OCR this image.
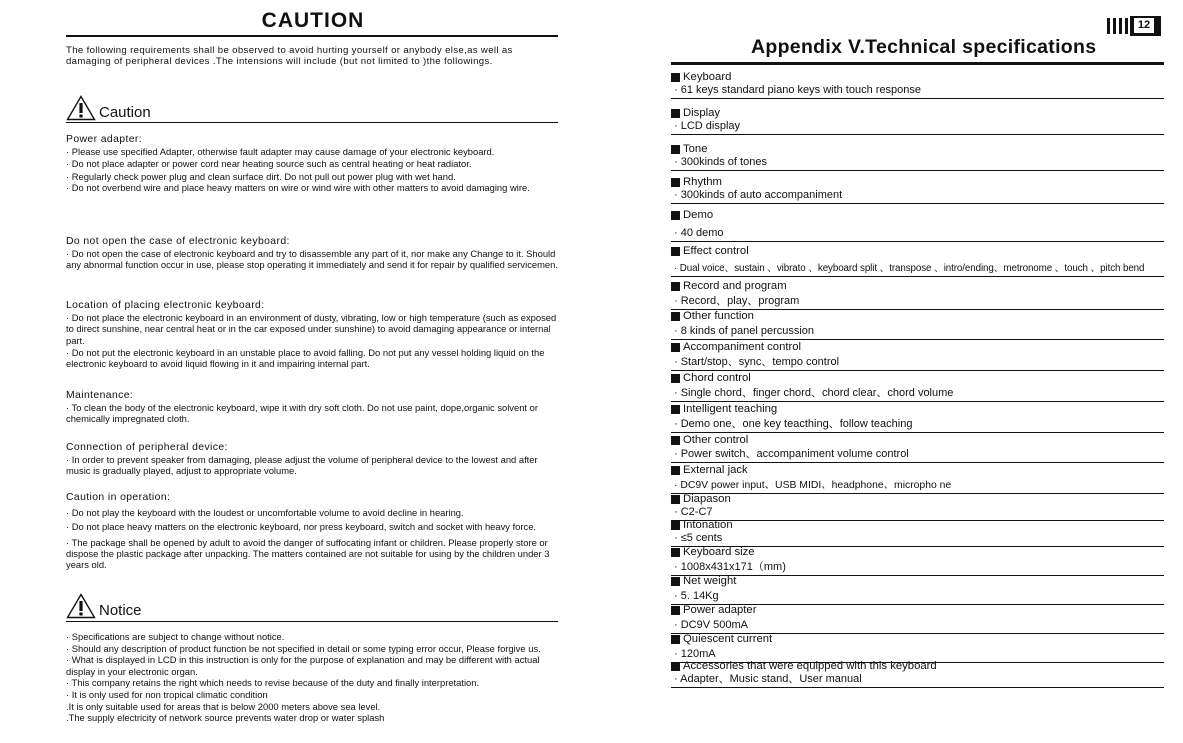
CAUTION
The following requirements shall be observed to avoid hurting yourself or anybody else,as well as damaging of peripheral devices .The intensions will include (but not limited to )the followings.
Caution
Power adapter:
· Please use specified Adapter, otherwise fault adapter may cause damage of your electronic keyboard.
· Do not place adapter or power cord near heating source such as central heating or heat radiator.
· Regularly check power plug and clean surface dirt. Do not pull out power plug with wet hand.
· Do not overbend wire and place heavy matters on wire or wind wire with other matters to avoid damaging wire.
Do not open the case of electronic keyboard:
· Do not open the case of electronic keyboard and try to disassemble any part of it, nor make any Change to it. Should any abnormal function occur in use, please stop operating it immediately and send it for repair by qualified servicemen.
Location of placing electronic keyboard:
· Do not place the electronic keyboard in an environment of dusty, vibrating, low or high temperature (such as exposed to direct sunshine, near central heat or in the car exposed under sunshine) to avoid damaging appearance or internal part.
· Do not put the electronic keyboard in an unstable place to avoid falling. Do not put any vessel holding liquid on the electronic keyboard to avoid liquid flowing in it and impairing internal part.
Maintenance:
· To clean the body of the electronic keyboard, wipe it with dry soft cloth. Do not use paint, dope,organic solvent or chemically impregnated cloth.
Connection of peripheral device:
· In order to prevent speaker from damaging, please adjust the volume of peripheral device to the lowest and after music is gradually played, adjust to appropriate volume.
Caution in operation:
· Do not play the keyboard with the loudest or uncomfortable volume to avoid decline in hearing.
· Do not place heavy matters on the electronic keyboard, nor press keyboard, switch and socket with heavy force.
· The package shall be opened by adult to avoid the danger of suffocating infant or children. Please properly store or dispose the plastic package after unpacking. The matters contained are not suitable for using by the children under 3 years old.
Notice
· Specifications are subject to change without notice.
· Should any description of product function be not specified in detail or some typing error occur, Please forgive us.
· What is displayed in LCD in this instruction is only for the purpose of explanation and may be different with actual display in your electronic organ.
· This company retains the right which needs to revise because of the duty and finally interpretation.
· It is only used for non tropical climatic condition
.It is only suitable used for areas that is below 2000 meters above sea level.
.The supply electricity of network source prevents water drop or water splash
12
Appendix V.Technical specifications
Keyboard
· 61 keys standard piano keys with touch response
Display
· LCD display
Tone
· 300kinds of tones
Rhythm
· 300kinds of auto accompaniment
Demo
· 40 demo
Effect control
· Dual voice、sustain 、vibrato 、keyboard split 、transpose 、intro/ending、metronome 、touch 、pitch bend
Record and program
· Record、play、program
Other function
· 8 kinds of panel percussion
Accompaniment control
· Start/stop、sync、tempo control
Chord control
· Single chord、finger chord、chord clear、chord volume
Intelligent teaching
· Demo one、one key teacthing、follow teaching
Other control
· Power switch、accompaniment volume control
External jack
· DC9V power input、USB MIDI、headphone、micropho ne
Diapason
· C2-C7
Intonation
· ≤5 cents
Keyboard size
· 1008x431x171（mm)
Net weight
· 5. 14Kg
Power adapter
· DC9V 500mA
Quiescent current
· 120mA
Accessories that were equipped with this keyboard
· Adapter、Music stand、User manual
